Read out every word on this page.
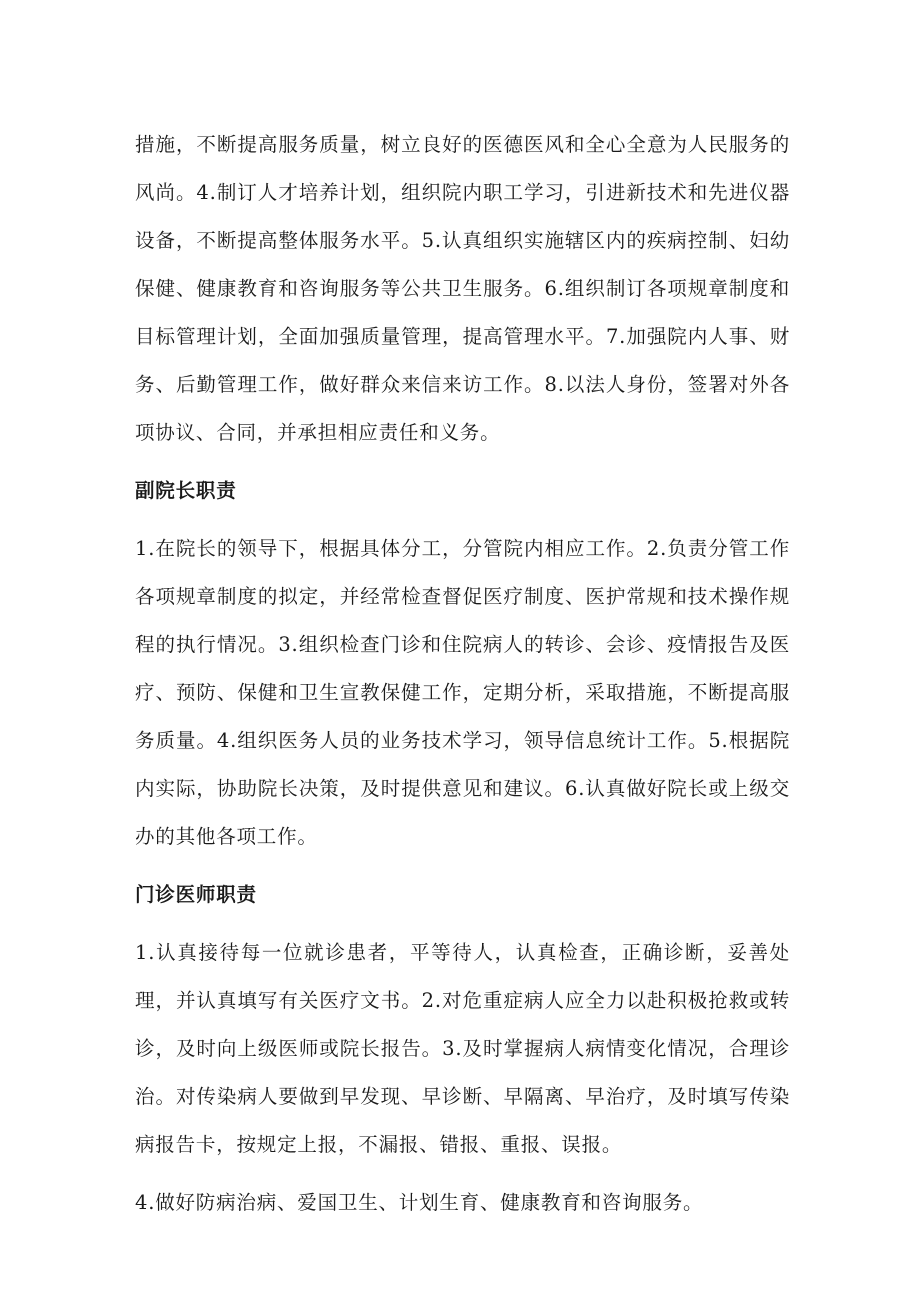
措施，不断提高服务质量，树立良好的医德医风和全心全意为人民服务的风尚。4.制订人才培养计划，组织院内职工学习，引进新技术和先进仪器设备，不断提高整体服务水平。5.认真组织实施辖区内的疾病控制、妇幼保健、健康教育和咨询服务等公共卫生服务。6.组织制订各项规章制度和目标管理计划，全面加强质量管理，提高管理水平。7.加强院内人事、财务、后勤管理工作，做好群众来信来访工作。8.以法人身份，签署对外各项协议、合同，并承担相应责任和义务。

副院长职责

1.在院长的领导下，根据具体分工，分管院内相应工作。2.负责分管工作各项规章制度的拟定，并经常检查督促医疗制度、医护常规和技术操作规程的执行情况。3.组织检查门诊和住院病人的转诊、会诊、疫情报告及医疗、预防、保健和卫生宣教保健工作，定期分析，采取措施，不断提高服务质量。4.组织医务人员的业务技术学习，领导信息统计工作。5.根据院内实际，协助院长决策，及时提供意见和建议。6.认真做好院长或上级交办的其他各项工作。

门诊医师职责

1.认真接待每一位就诊患者，平等待人，认真检查，正确诊断，妥善处理，并认真填写有关医疗文书。2.对危重症病人应全力以赴积极抢救或转诊，及时向上级医师或院长报告。3.及时掌握病人病情变化情况，合理诊治。对传染病人要做到早发现、早诊断、早隔离、早治疗，及时填写传染病报告卡，按规定上报，不漏报、错报、重报、误报。

4.做好防病治病、爱国卫生、计划生育、健康教育和咨询服务。
